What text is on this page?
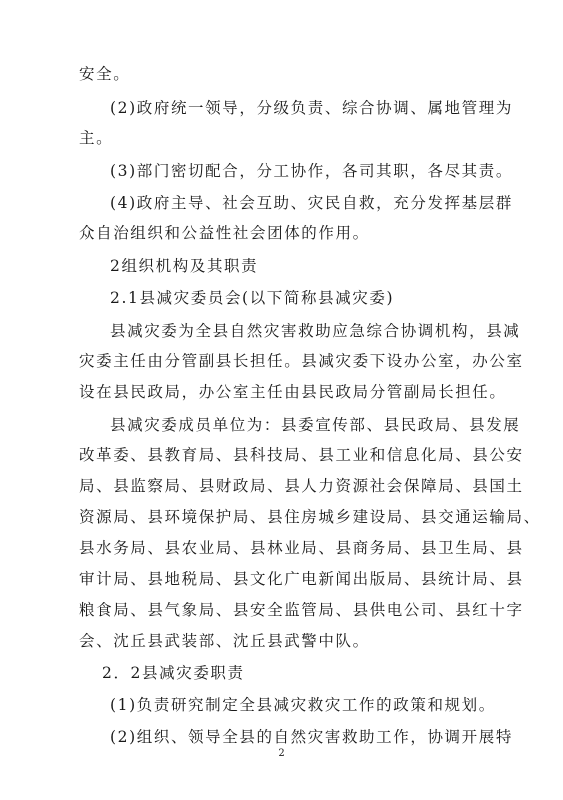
安全。

(2)政府统一领导，分级负责、综合协调、属地管理为

主。

(3)部门密切配合，分工协作，各司其职，各尽其责。

(4)政府主导、社会互助、灾民自救，充分发挥基层群

众自治组织和公益性社会团体的作用。

2组织机构及其职责

2.1县减灾委员会(以下简称县减灾委)

县减灾委为全县自然灾害救助应急综合协调机构，县减

灾委主任由分管副县长担任。县减灾委下设办公室，办公室

设在县民政局，办公室主任由县民政局分管副局长担任。

县减灾委成员单位为：县委宣传部、县民政局、县发展

改革委、县教育局、县科技局、县工业和信息化局、县公安

局、县监察局、县财政局、县人力资源社会保障局、县国土

资源局、县环境保护局、县住房城乡建设局、县交通运输局、

县水务局、县农业局、县林业局、县商务局、县卫生局、县

审计局、县地税局、县文化广电新闻出版局、县统计局、县

粮食局、县气象局、县安全监管局、县供电公司、县红十字

会、沈丘县武装部、沈丘县武警中队。

2．2县减灾委职责

(1)负责研究制定全县减灾救灾工作的政策和规划。

(2)组织、领导全县的自然灾害救助工作，协调开展特

2
